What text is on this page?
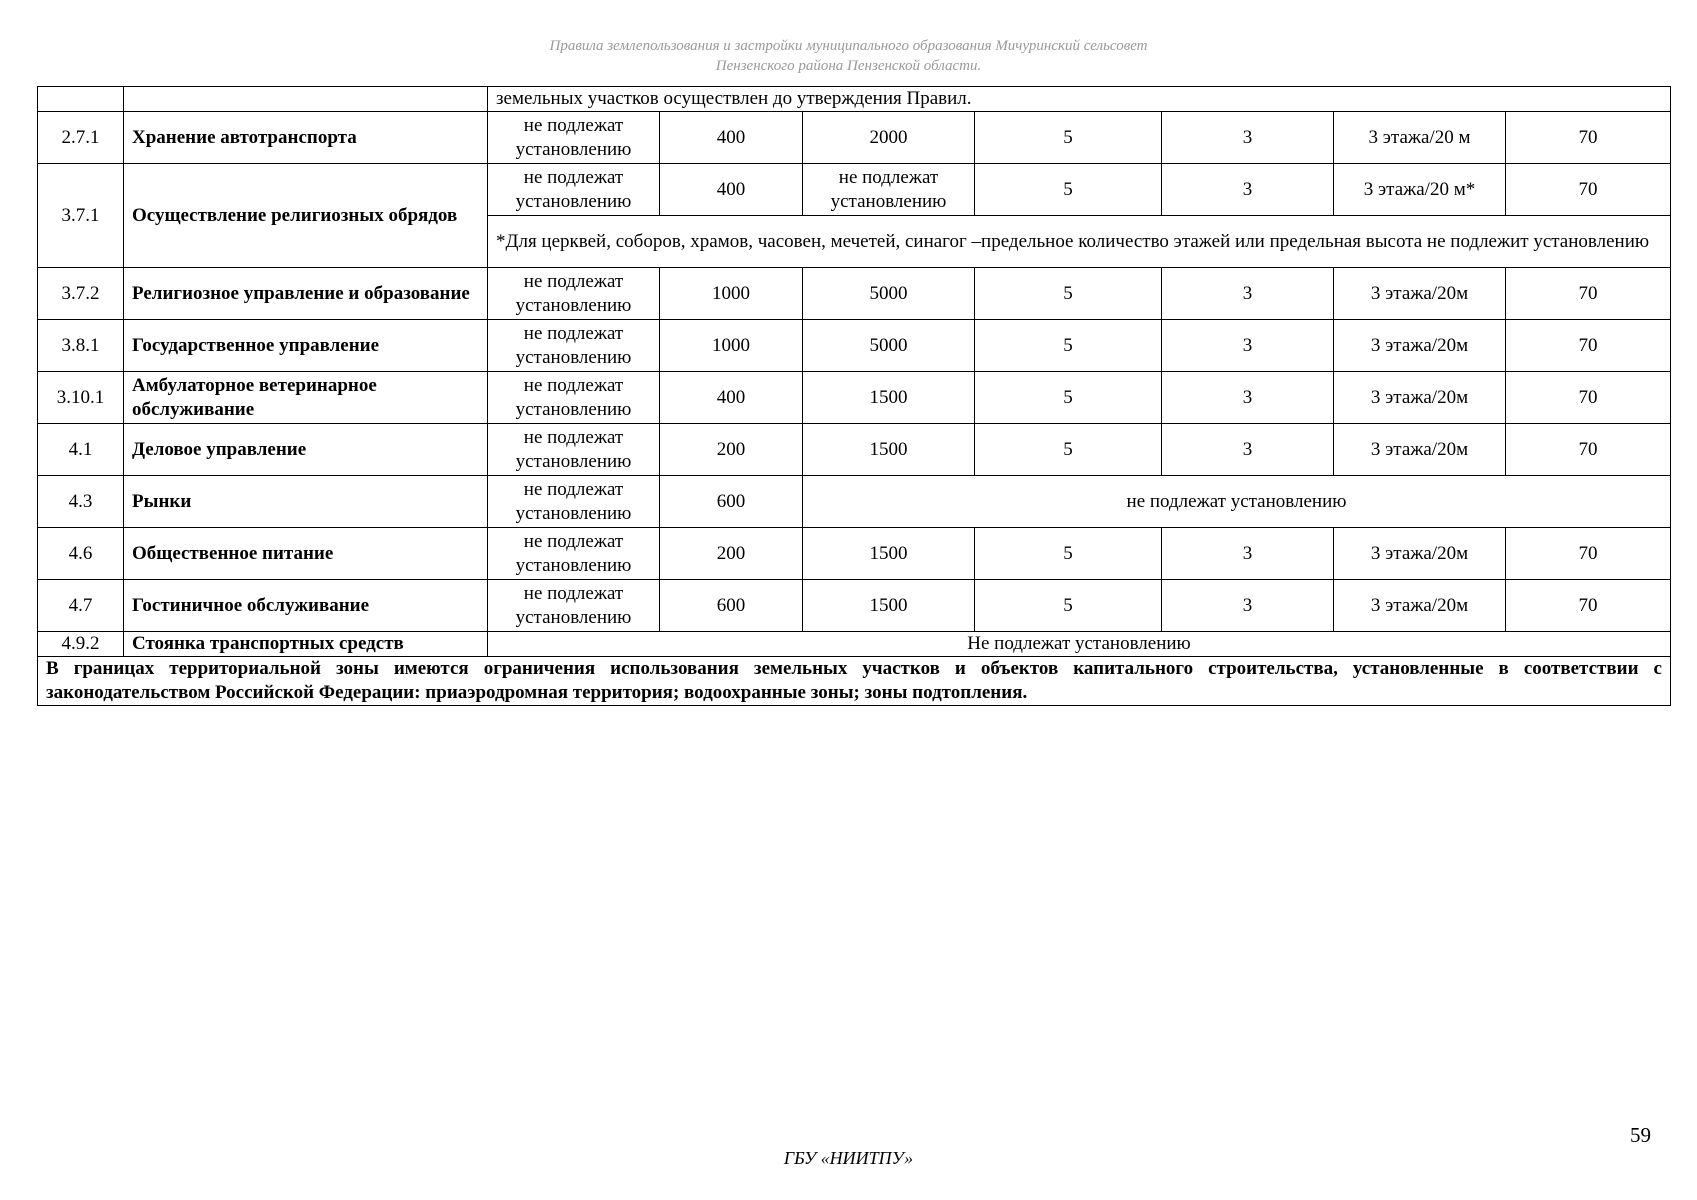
Правила землепользования и застройки муниципального образования Мичуринский сельсовет
Пензенского района Пензенской области.
		земельных участков осуществлен до утверждения Правил.						
2.7.1	Хранение автотранспорта	не подлежат установлению	400	2000	5	3	3 этажа/20 м	70
3.7.1	Осуществление религиозных обрядов	не подлежат установлению	400	не подлежат установлению	5	3	3 этажа/20 м*	70
		*Для церквей, соборов, храмов, часовен, мечетей, синагог –предельное количество этажей или предельная высота не подлежит установлению						
3.7.2	Религиозное управление и образование	не подлежат установлению	1000	5000	5	3	3 этажа/20м	70
3.8.1	Государственное управление	не подлежат установлению	1000	5000	5	3	3 этажа/20м	70
3.10.1	Амбулаторное ветеринарное обслуживание	не подлежат установлению	400	1500	5	3	3 этажа/20м	70
4.1	Деловое управление	не подлежат установлению	200	1500	5	3	3 этажа/20м	70
4.3	Рынки	не подлежат установлению	600	не подлежат установлению				
4.6	Общественное питание	не подлежат установлению	200	1500	5	3	3 этажа/20м	70
4.7	Гостиничное обслуживание	не подлежат установлению	600	1500	5	3	3 этажа/20м	70
4.9.2	Стоянка транспортных средств	Не подлежат установлению						
В границах территориальной зоны имеются ограничения использования земельных участков и объектов капитального строительства, установленные в соответствии с законодательством Российской Федерации: приаэродромная территория; водоохранные зоны; зоны подтопления.								
59
ГБУ «НИИТПУ»
